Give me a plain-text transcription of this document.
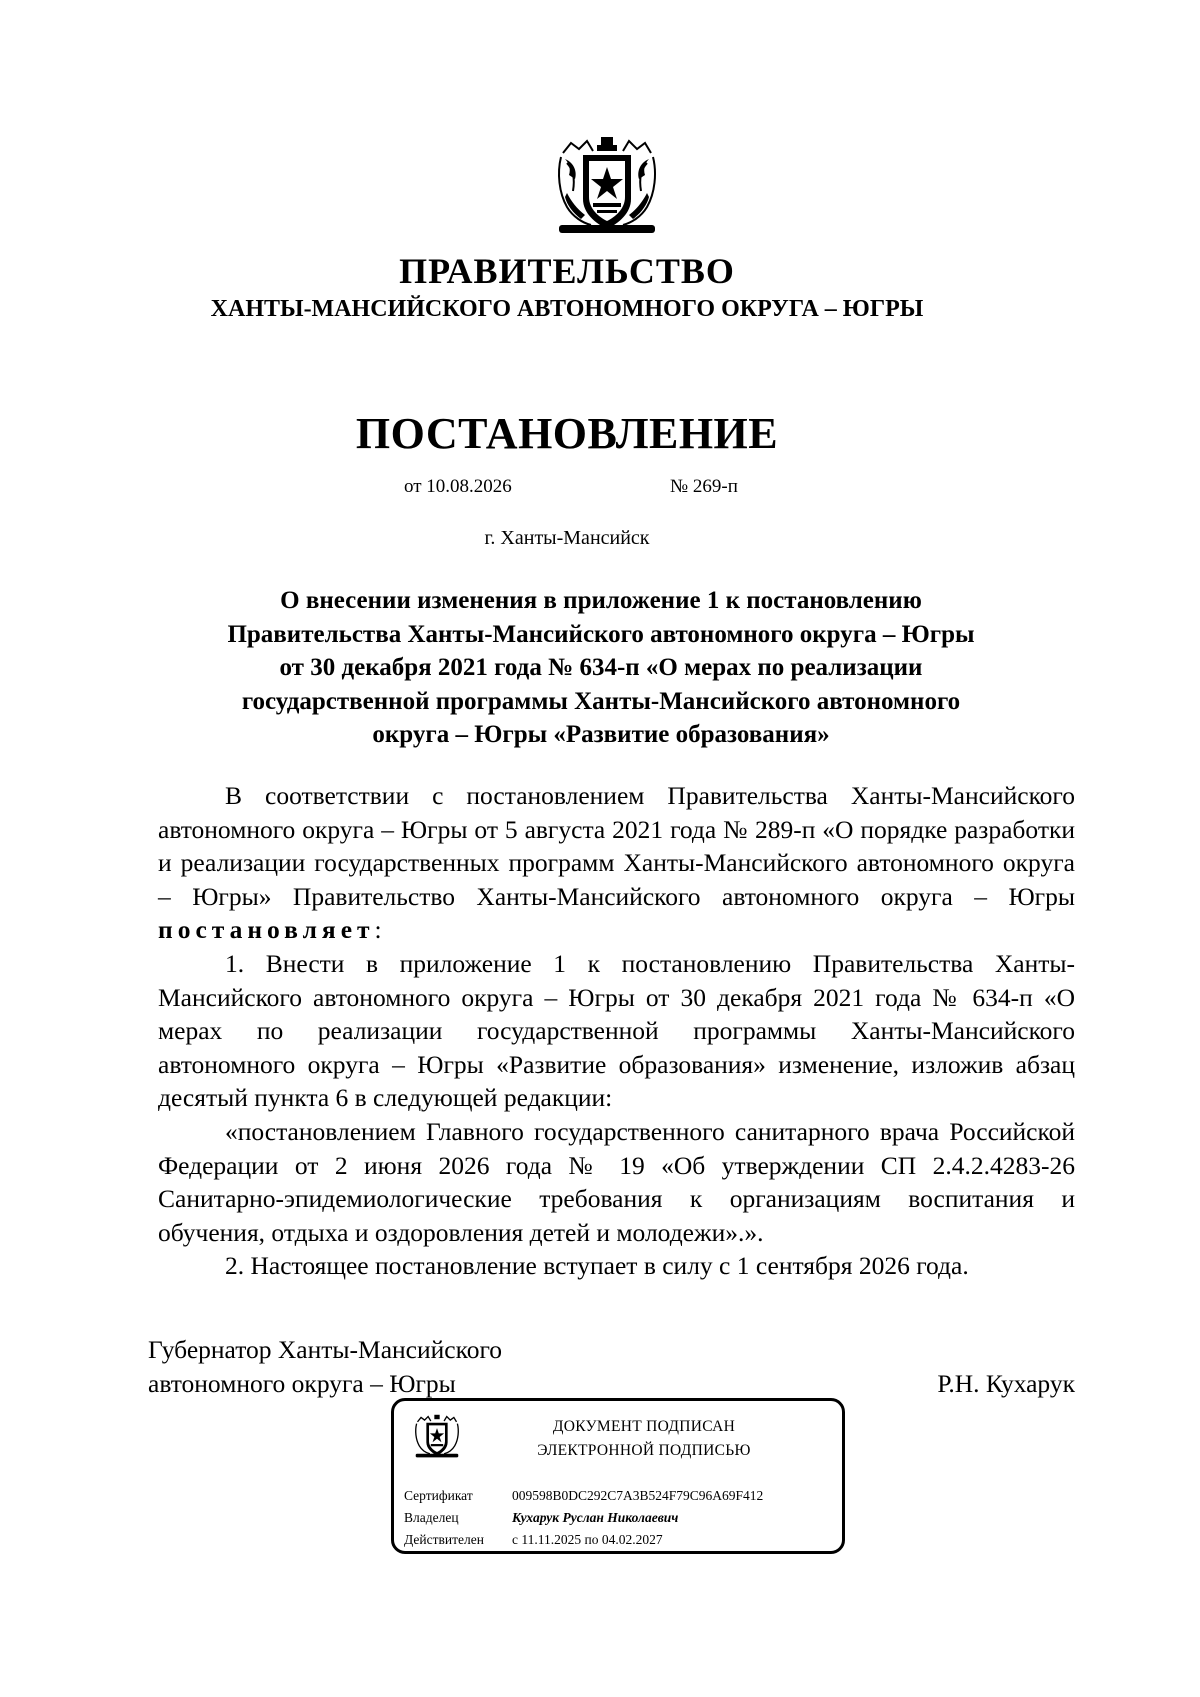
ПРАВИТЕЛЬСТВО
ХАНТЫ-МАНСИЙСКОГО АВТОНОМНОГО ОКРУГА – ЮГРЫ
ПОСТАНОВЛЕНИЕ
от 10.08.2026	№ 269-п
г. Ханты-Мансийск
О внесении изменения в приложение 1 к постановлению
Правительства Ханты-Мансийского автономного округа – Югры
от 30 декабря 2021 года № 634-п «О мерах по реализации
государственной программы Ханты-Мансийского автономного
округа – Югры «Развитие образования»

В соответствии с постановлением Правительства Ханты-Мансийского автономного округа – Югры от 5 августа 2021 года № 289-п «О порядке разработки и реализации государственных программ Ханты-Мансийского автономного округа – Югры» Правительство Ханты-Мансийского автономного округа – Югры постановляет:

1. Внести в приложение 1 к постановлению Правительства Ханты-Мансийского автономного округа – Югры от 30 декабря 2021 года № 634-п «О мерах по реализации государственной программы Ханты-Мансийского автономного округа – Югры «Развитие образования» изменение, изложив абзац десятый пункта 6 в следующей редакции:

«постановлением Главного государственного санитарного врача Российской Федерации от 2 июня 2026 года № 19 «Об утверждении СП 2.4.2.4283-26 Санитарно-эпидемиологические требования к организациям воспитания и обучения, отдыха и оздоровления детей и молодежи».».

2. Настоящее постановление вступает в силу с 1 сентября 2026 года.

Губернатор Ханты-Мансийского
автономного округа – Югры	Р.Н. Кухарук
ДОКУМЕНТ ПОДПИСАН
ЭЛЕКТРОННОЙ ПОДПИСЬЮ
Сертификат	009598B0DC292C7A3B524F79C96A69F412
Владелец	Кухарук Руслан Николаевич
Действителен с 11.11.2025 по 04.02.2027
